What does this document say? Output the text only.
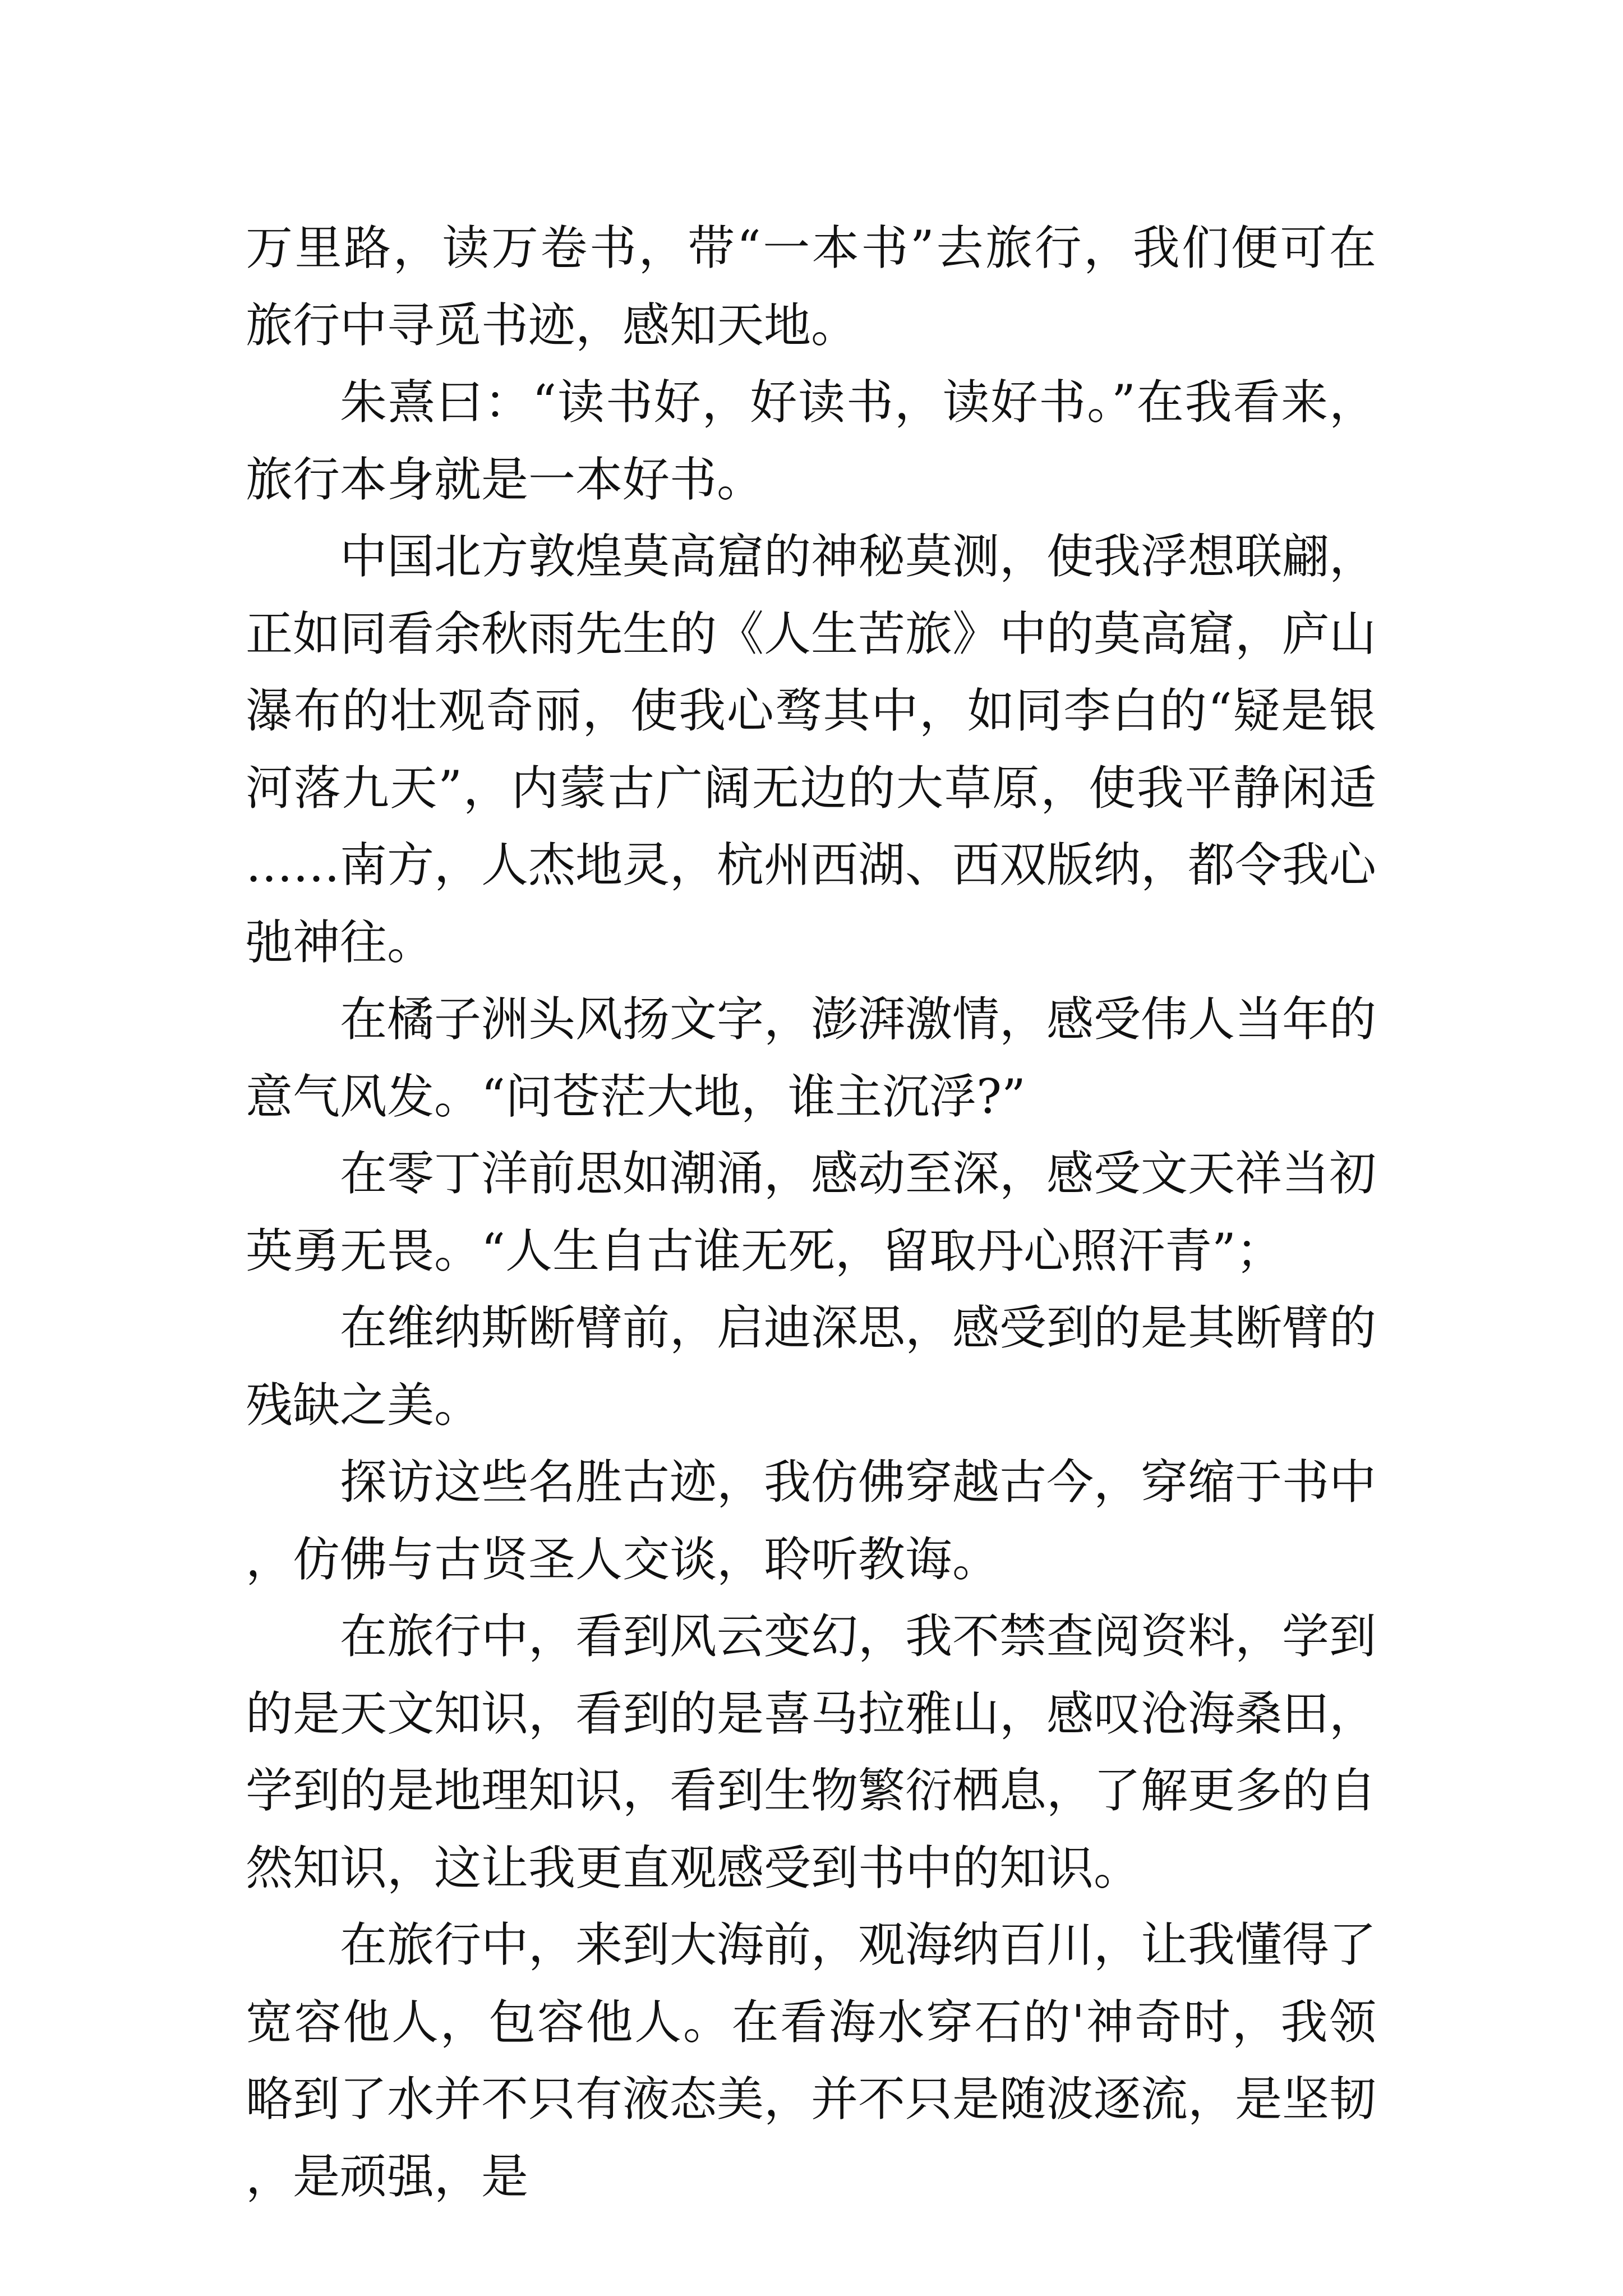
万里路，读万卷书，带“一本书”去旅行，我们便可在旅行中寻觅书迹，感知天地。

朱熹曰：“读书好，好读书，读好书。”在我看来，旅行本身就是一本好书。

中国北方敦煌莫高窟的神秘莫测，使我浮想联翩，正如同看余秋雨先生的《人生苦旅》中的莫高窟，庐山瀑布的壮观奇丽，使我心骛其中，如同李白的“疑是银河落九天”，内蒙古广阔无边的大草原，使我平静闲适……南方，人杰地灵，杭州西湖、西双版纳，都令我心弛神往。

在橘子洲头风扬文字，澎湃激情，感受伟人当年的意气风发。“问苍茫大地，谁主沉浮?”

在零丁洋前思如潮涌，感动至深，感受文天祥当初英勇无畏。“人生自古谁无死，留取丹心照汗青”；

在维纳斯断臂前，启迪深思，感受到的是其断臂的残缺之美。

探访这些名胜古迹，我仿佛穿越古今，穿缩于书中，仿佛与古贤圣人交谈，聆听教诲。

在旅行中，看到风云变幻，我不禁查阅资料，学到的是天文知识，看到的是喜马拉雅山，感叹沧海桑田，学到的是地理知识，看到生物繁衍栖息，了解更多的自然知识，这让我更直观感受到书中的知识。

在旅行中，来到大海前，观海纳百川，让我懂得了宽容他人，包容他人。在看海水穿石的'神奇时，我领略到了水并不只有液态美，并不只是随波逐流，是坚韧，是顽强，是
